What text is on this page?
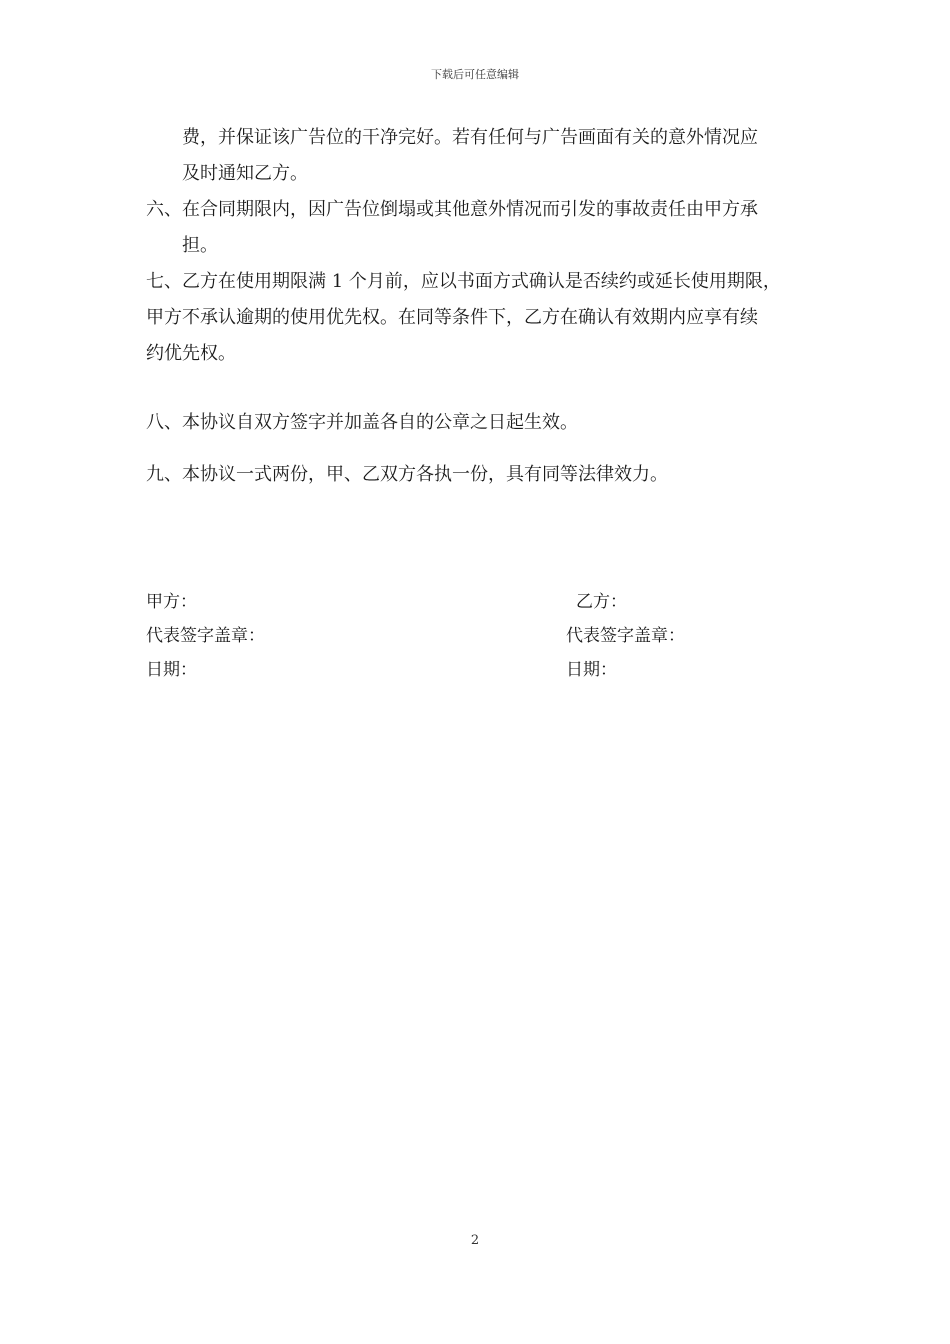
下载后可任意编辑
费，并保证该广告位的干净完好。若有任何与广告画面有关的意外情况应
及时通知乙方。
六、在合同期限内，因广告位倒塌或其他意外情况而引发的事故责任由甲方承
担。
七、乙方在使用期限满 1 个月前，应以书面方式确认是否续约或延长使用期限，
甲方不承认逾期的使用优先权。在同等条件下，乙方在确认有效期内应享有续
约优先权。
八、本协议自双方签字并加盖各自的公章之日起生效。
九、本协议一式两份，甲、乙双方各执一份，具有同等法律效力。
甲方：
代表签字盖章：
日期：
乙方：
代表签字盖章：
日期：
2
